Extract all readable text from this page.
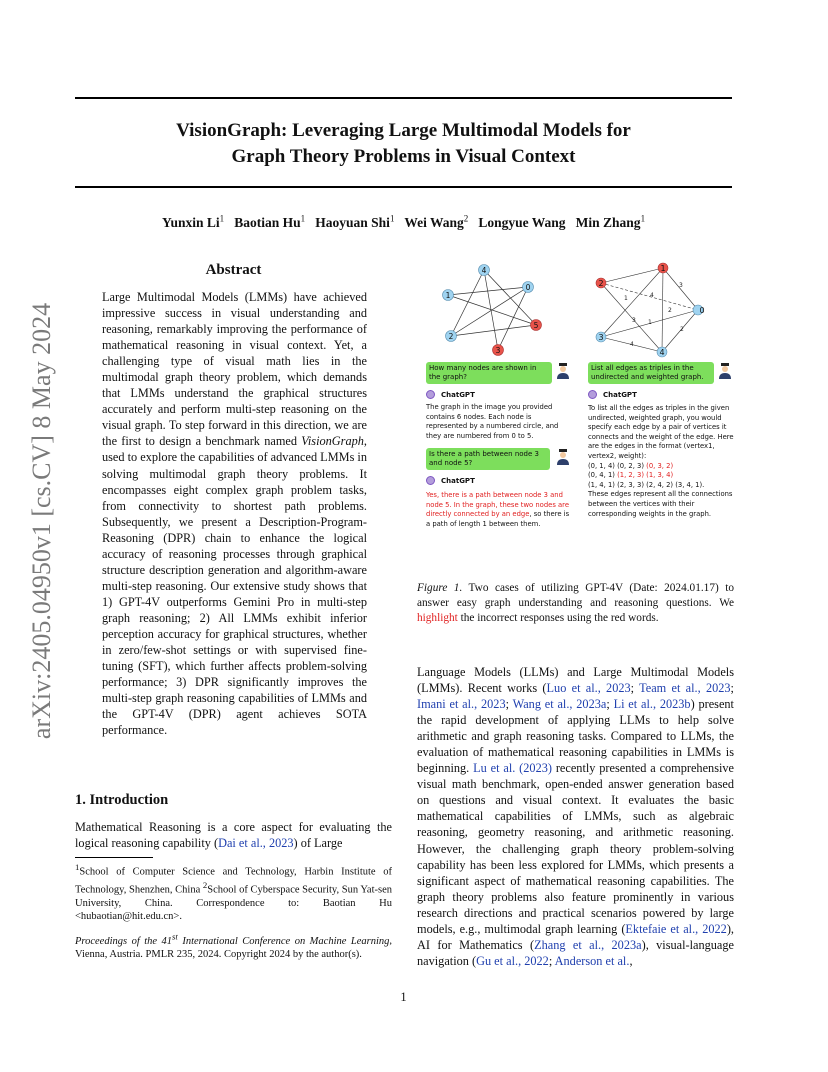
VisionGraph: Leveraging Large Multimodal Models for
Graph Theory Problems in Visual Context
Yunxin Li$^1$ Baotian Hu$^1$ Haoyuan Shi$^1$ Wei Wang$^2$ Longyue Wang Min Zhang$^1$
arXiv:2405.04950v1 [cs.CV] 8 May 2024
Abstract
Large Multimodal Models (LMMs) have achieved impressive success in visual understanding and reasoning, remarkably improving the performance of mathematical reasoning in visual context. Yet, a challenging type of visual math lies in the multimodal graph theory problem, which demands that LMMs understand the graphical structures accurately and perform multi-step reasoning on the visual graph. To step forward in this direction, we are the first to design a benchmark named VisionGraph, used to explore the capabilities of advanced LMMs in solving multimodal graph theory problems. It encompasses eight complex graph problem tasks, from connectivity to shortest path problems. Subsequently, we present a Description-Program-Reasoning (DPR) chain to enhance the logical accuracy of reasoning processes through graphical structure description generation and algorithm-aware multi-step reasoning. Our extensive study shows that 1) GPT-4V outperforms Gemini Pro in multi-step graph reasoning; 2) All LMMs exhibit inferior perception accuracy for graphical structures, whether in zero/few-shot settings or with supervised fine-tuning (SFT), which further affects problem-solving performance; 3) DPR significantly improves the multi-step graph reasoning capabilities of LMMs and the GPT-4V (DPR) agent achieves SOTA performance.
1. Introduction
Mathematical Reasoning is a core aspect for evaluating the logical reasoning capability (Dai et al., 2023) of Large
$^1$School of Computer Science and Technology, Harbin Institute of Technology, Shenzhen, China $^2$School of Cyberspace Security, Sun Yat-sen University, China. Correspondence to: Baotian Hu <hubaotian@hit.edu.cn>.
Proceedings of the 41st International Conference on Machine Learning, Vienna, Austria. PMLR 235, 2024. Copyright 2024 by the author(s).
1	4
3
3 1
4
2
2
4
1
0
5
2
3
1
2
0
3
4
How many nodes are shown in the graph?
ChatGPT
The graph in the image you provided contains 6 nodes. Each node is represented by a numbered circle, and they are numbered from 0 to 5.
Is there a path between node 3 and node 5?
ChatGPT
Yes, there is a path between node 3 and node 5. In the graph, these two nodes are directly connected by an edge, so there is a path of length 1 between them.
List all edges as triples in the undirected and weighted graph.
ChatGPT
To list all the edges as triples in the given undirected, weighted graph, you would specify each edge by a pair of vertices it connects and the weight of the edge. Here are the edges in the format (vertex1, vertex2, weight):
(0, 1, 4) (0, 2, 3) (0, 3, 2)
(0, 4, 1) (1, 2, 3) (1, 3, 4)
(1, 4, 1) (2, 3, 3) (2, 4, 2) (3, 4, 1).
These edges represent all the connections between the vertices with their corresponding weights in the graph.
Figure 1. Two cases of utilizing GPT-4V (Date: 2024.01.17) to answer easy graph understanding and reasoning questions. We highlight the incorrect responses using the red words.
Language Models (LLMs) and Large Multimodal Models (LMMs). Recent works (Luo et al., 2023; Team et al., 2023; Imani et al., 2023; Wang et al., 2023a; Li et al., 2023b) present the rapid development of applying LLMs to help solve arithmetic and graph reasoning tasks. Compared to LLMs, the evaluation of mathematical reasoning capabilities in LMMs is beginning. Lu et al. (2023) recently presented a comprehensive visual math benchmark, open-ended answer generation based on questions and visual context. It evaluates the basic mathematical capabilities of LMMs, such as algebraic reasoning, geometry reasoning, and arithmetic reasoning. However, the challenging graph theory problem-solving capability has been less explored for LMMs, which presents a significant aspect of mathematical reasoning capabilities. The graph theory problems also feature prominently in various research directions and practical scenarios powered by large models, e.g., multimodal graph learning (Ektefaie et al., 2022), AI for Mathematics (Zhang et al., 2023a), visual-language navigation (Gu et al., 2022; Anderson et al.,
1
